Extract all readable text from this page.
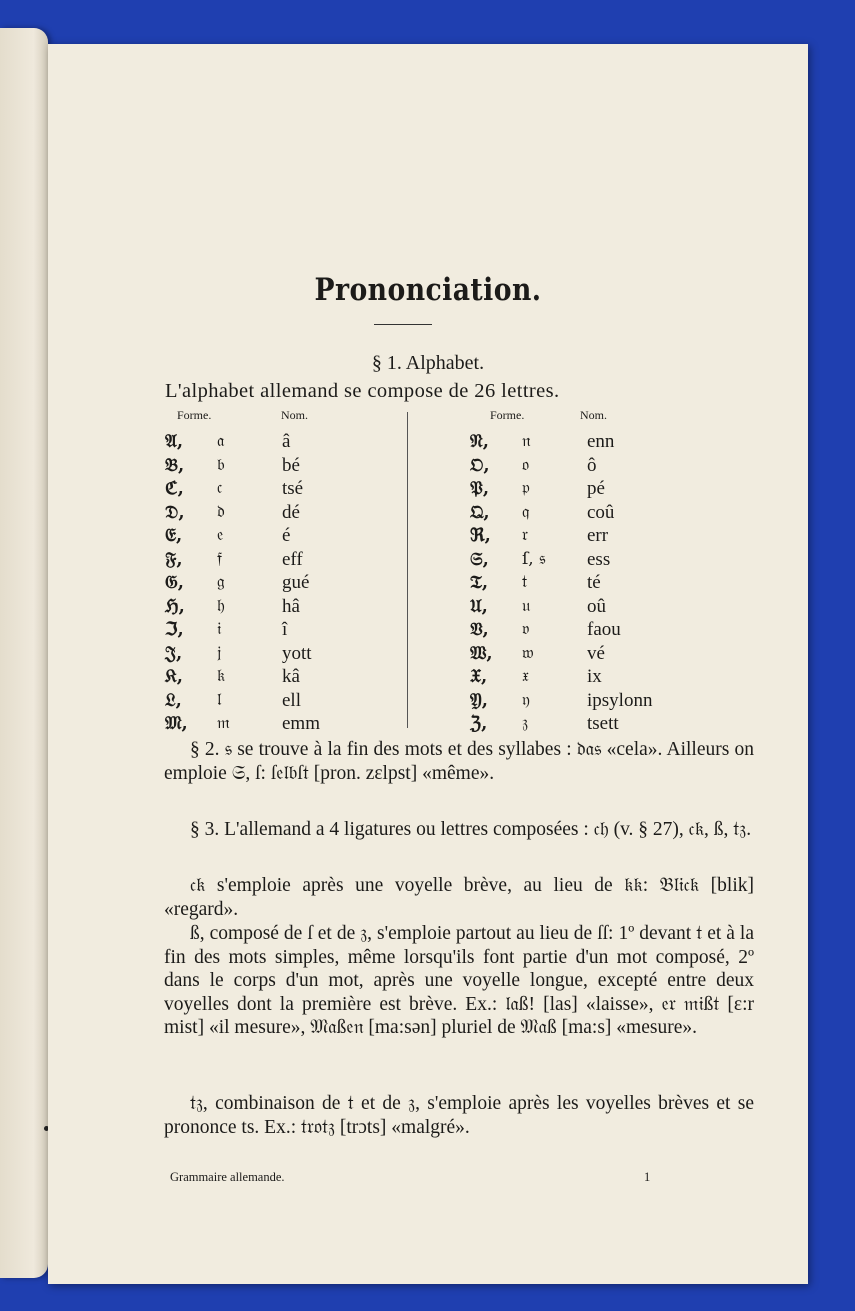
Prononciation.
§ 1. Alphabet.
L'alphabet allemand se compose de 26 lettres.
Forme.	Nom.	Forme.	Nom.
𝔄,	𝔞	â
𝔅,	𝔟	bé
ℭ,	𝔠	tsé
𝔇,	𝔡	dé
𝔈,	𝔢	é
𝔉,	𝔣	eff
𝔊,	𝔤	gué
ℌ,	𝔥	hâ
ℑ,	𝔦	î
𝔍,	𝔧	yott
𝔎,	𝔨	kâ
𝔏,	𝔩	ell
𝔐,	𝔪	emm
𝔑,	𝔫	enn
𝔒,	𝔬	ô
𝔓,	𝔭	pé
𝔔,	𝔮	coû
ℜ,	𝔯	err
𝔖,	ſ, 𝔰	ess
𝔗,	𝔱	té
𝔘,	𝔲	oû
𝔙,	𝔳	faou
𝔚,	𝔴	vé
𝔛,	𝔵	ix
𝔜,	𝔶	ipsylonn
ℨ,	𝔷	tsett

§ 2. 𝔰 se trouve à la fin des mots et des syllabes : 𝔡𝔞𝔰 «cela». Ailleurs on emploie 𝔖, ſ: ſ𝔢𝔩𝔟ſ𝔱 [pron. zεlpst] «même».

§ 3. L'allemand a 4 ligatures ou lettres composées : 𝔠𝔥 (v. § 27), 𝔠𝔨, ß, 𝔱𝔷.

𝔠𝔨 s'emploie après une voyelle brève, au lieu de 𝔨𝔨: 𝔅𝔩𝔦𝔠𝔨 [blik] «regard».

ß, composé de ſ et de 𝔷, s'emploie partout au lieu de ſſ: 1º devant 𝔱 et à la fin des mots simples, même lorsqu'ils font partie d'un mot composé, 2º dans le corps d'un mot, après une voyelle longue, excepté entre deux voyelles dont la première est brève. Ex.: 𝔩𝔞ß! [las] «laisse», 𝔢𝔯 𝔪𝔦ß𝔱 [ε:r mist] «il mesure», 𝔐𝔞ß𝔢𝔫 [ma:sən] pluriel de 𝔐𝔞ß [ma:s] «mesure».

𝔱𝔷, combinaison de 𝔱 et de 𝔷, s'emploie après les voyelles brèves et se prononce ts. Ex.: 𝔱𝔯𝔬𝔱𝔷 [trɔts] «malgré».

Grammaire allemande.	1
